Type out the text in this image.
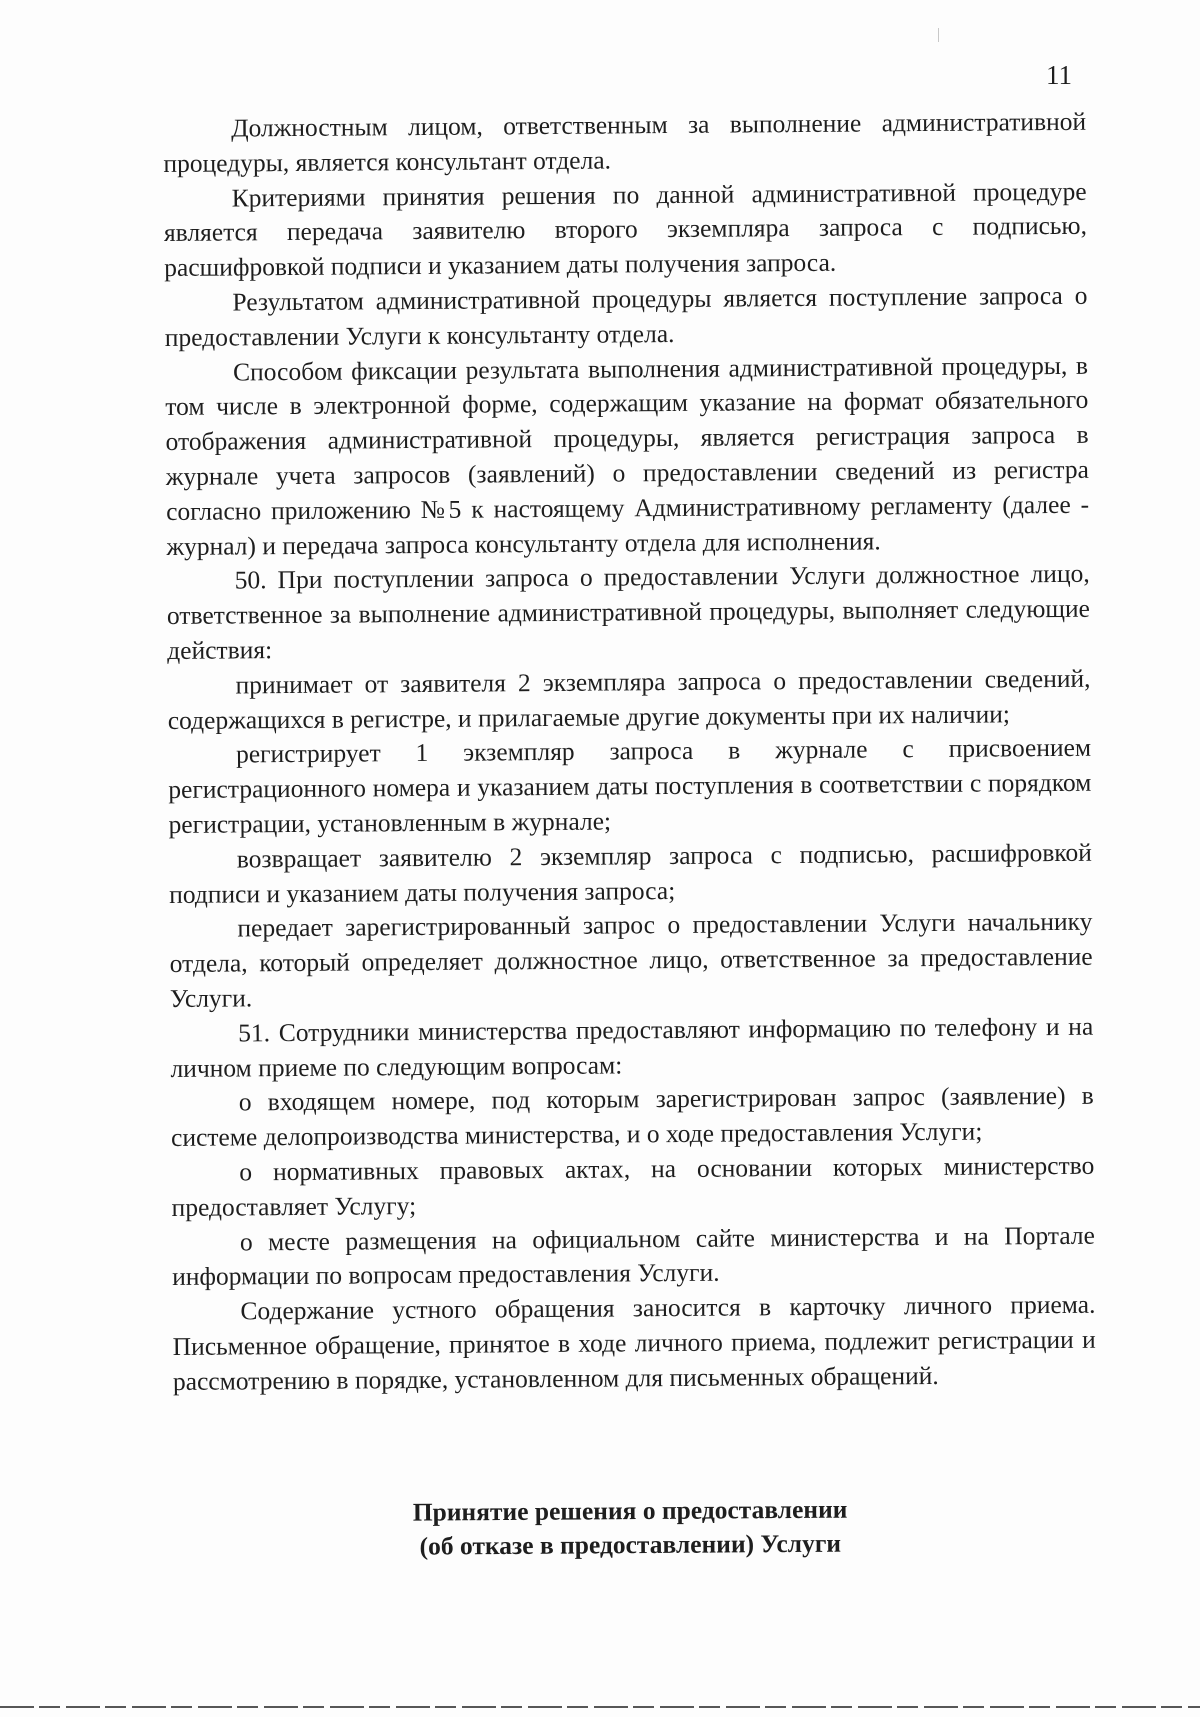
11

Должностным лицом, ответственным за выполнение административной процедуры, является консультант отдела.

Критериями принятия решения по данной административной процедуре является передача заявителю второго экземпляра запроса с подписью, расшифровкой подписи и указанием даты получения запроса.

Результатом административной процедуры является поступление запроса о предоставлении Услуги к консультанту отдела.

Способом фиксации результата выполнения административной процедуры, в том числе в электронной форме, содержащим указание на формат обязательного отображения административной процедуры, является регистрация запроса в журнале учета запросов (заявлений) о предоставлении сведений из регистра согласно приложению №5 к настоящему Административному регламенту (далее - журнал) и передача запроса консультанту отдела для исполнения.

50. При поступлении запроса о предоставлении Услуги должностное лицо, ответственное за выполнение административной процедуры, выполняет следующие действия:

принимает от заявителя 2 экземпляра запроса о предоставлении сведений, содержащихся в регистре, и прилагаемые другие документы при их наличии;

регистрирует 1 экземпляр запроса в журнале с присвоением регистрационного номера и указанием даты поступления в соответствии с порядком регистрации, установленным в журнале;

возвращает заявителю 2 экземпляр запроса с подписью, расшифровкой подписи и указанием даты получения запроса;

передает зарегистрированный запрос о предоставлении Услуги начальнику отдела, который определяет должностное лицо, ответственное за предоставление Услуги.

51. Сотрудники министерства предоставляют информацию по телефону и на личном приеме по следующим вопросам:

о входящем номере, под которым зарегистрирован запрос (заявление) в системе делопроизводства министерства, и о ходе предоставления Услуги;

о нормативных правовых актах, на основании которых министерство предоставляет Услугу;

о месте размещения на официальном сайте министерства и на Портале информации по вопросам предоставления Услуги.

Содержание устного обращения заносится в карточку личного приема. Письменное обращение, принятое в ходе личного приема, подлежит регистрации и рассмотрению в порядке, установленном для письменных обращений.

Принятие решения о предоставлении
(об отказе в предоставлении) Услуги
